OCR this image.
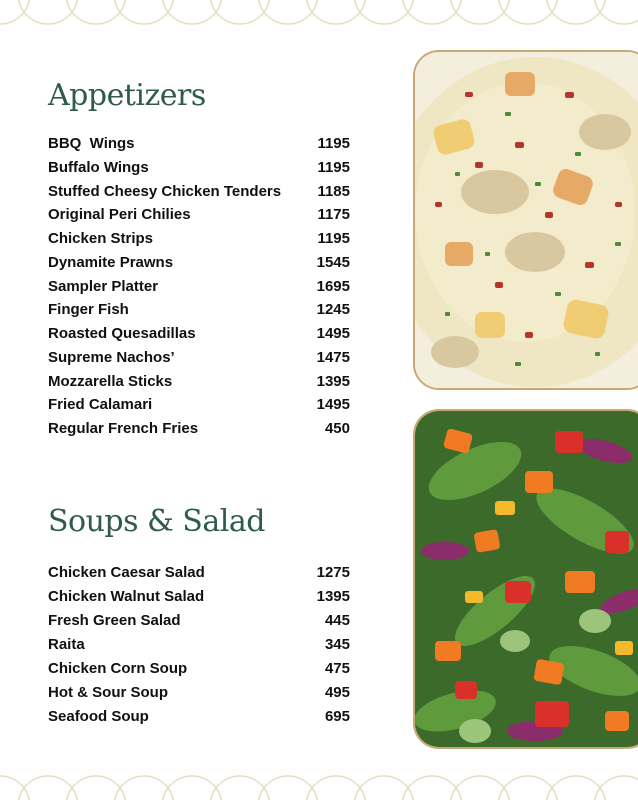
Appetizers
BBQ  Wings	1195
Buffalo Wings	1195
Stuffed Cheesy Chicken Tenders 1185
Original Peri Chilies	1175
Chicken Strips	1195
Dynamite Prawns	1545
Sampler Platter	1695
Finger Fish	1245
Roasted Quesadillas	1495
Supreme Nachos’	1475
Mozzarella Sticks	1395
Fried Calamari	1495
Regular French Fries	450
Soups & Salad
Chicken Caesar Salad	1275
Chicken Walnut Salad	1395
Fresh Green Salad	445
Raita	345
Chicken Corn Soup	475
Hot & Sour Soup	495
Seafood Soup	695
